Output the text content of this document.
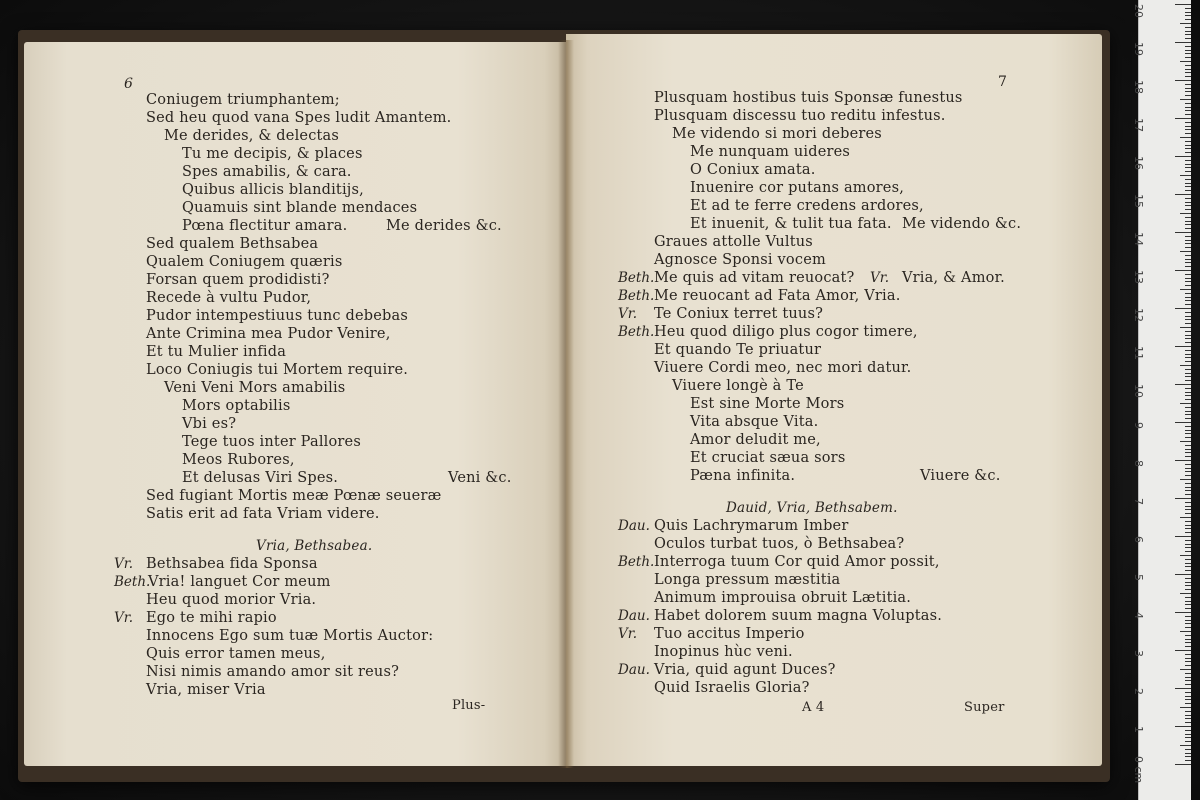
6
Coniugem triumphantem;
Sed heu quod vana Spes ludit Amantem.
Me derides, & delectas
Tu me decipis, & places
Spes amabilis, & cara.
Quibus allicis blanditijs,
Quamuis sint blande mendaces
Pœna flectitur amara.	Me derides &c.
Sed qualem Bethsabea
Qualem Coniugem quæris
Forsan quem prodidisti?
Recede à vultu Pudor,
Pudor intempestiuus tunc debebas
Ante Crimina mea Pudor Venire,
Et tu Mulier infida
Loco Coniugis tui Mortem require.
Veni Veni Mors amabilis
Mors optabilis
Vbi es?
Tege tuos inter Pallores
Meos Rubores,
Et delusas Viri Spes.	Veni &c.
Sed fugiant Mortis meæ Pœnæ seueræ
Satis erit ad fata Vriam videre.
Vria, Bethsabea.
Vr. Bethsabea fida Sponsa
Beth.
Vria! languet Cor meum
Heu quod morior Vria.
Vr. Ego te mihi rapio
Innocens Ego sum tuæ Mortis Auctor:
Quis error tamen meus,
Nisi nimis amando amor sit reus?
Vria, miser Vria
Plus-
7
Plusquam hostibus tuis Sponsæ funestus
Plusquam discessu tuo reditu infestus.
Me videndo si mori deberes
Me nunquam uideres
O Coniux amata.
Inuenire cor putans amores,
Et ad te ferre credens ardores,
Et inuenit, & tulit tua fata. Me videndo &c.
Graues attolle Vultus
Agnosce Sponsi vocem
Beth. Me quis ad vitam reuocat? Vr. Vria, & Amor.
Beth. Me reuocant ad Fata Amor, Vria.
Vr. Te Coniux terret tuus?
Beth. Heu quod diligo plus cogor timere,
Et quando Te priuatur
Viuere Cordi meo, nec mori datur.
Viuere longè à Te
Est sine Morte Mors
Vita absque Vita.
Amor deludit me,
Et cruciat sæua sors
Pæna infinita.	Viuere &c.
Dauid, Vria, Bethsabem.
Dau. Quis Lachrymarum Imber
Oculos turbat tuos, ò Bethsabea?
Beth. Interroga tuum Cor quid Amor possit,
Longa pressum mæstitia
Animum improuisa obruit Lætitia.
Dau. Habet dolorem suum magna Voluptas.
Vr. Tuo accitus Imperio
Inopinus hùc veni.
Dau. Vria, quid agunt Duces?
Quid Israelis Gloria?
A 4	Super
20
19
18
17
16
15
14
13
12
11
10
9
8
7
6
5
4
3
2
1
0 cm
